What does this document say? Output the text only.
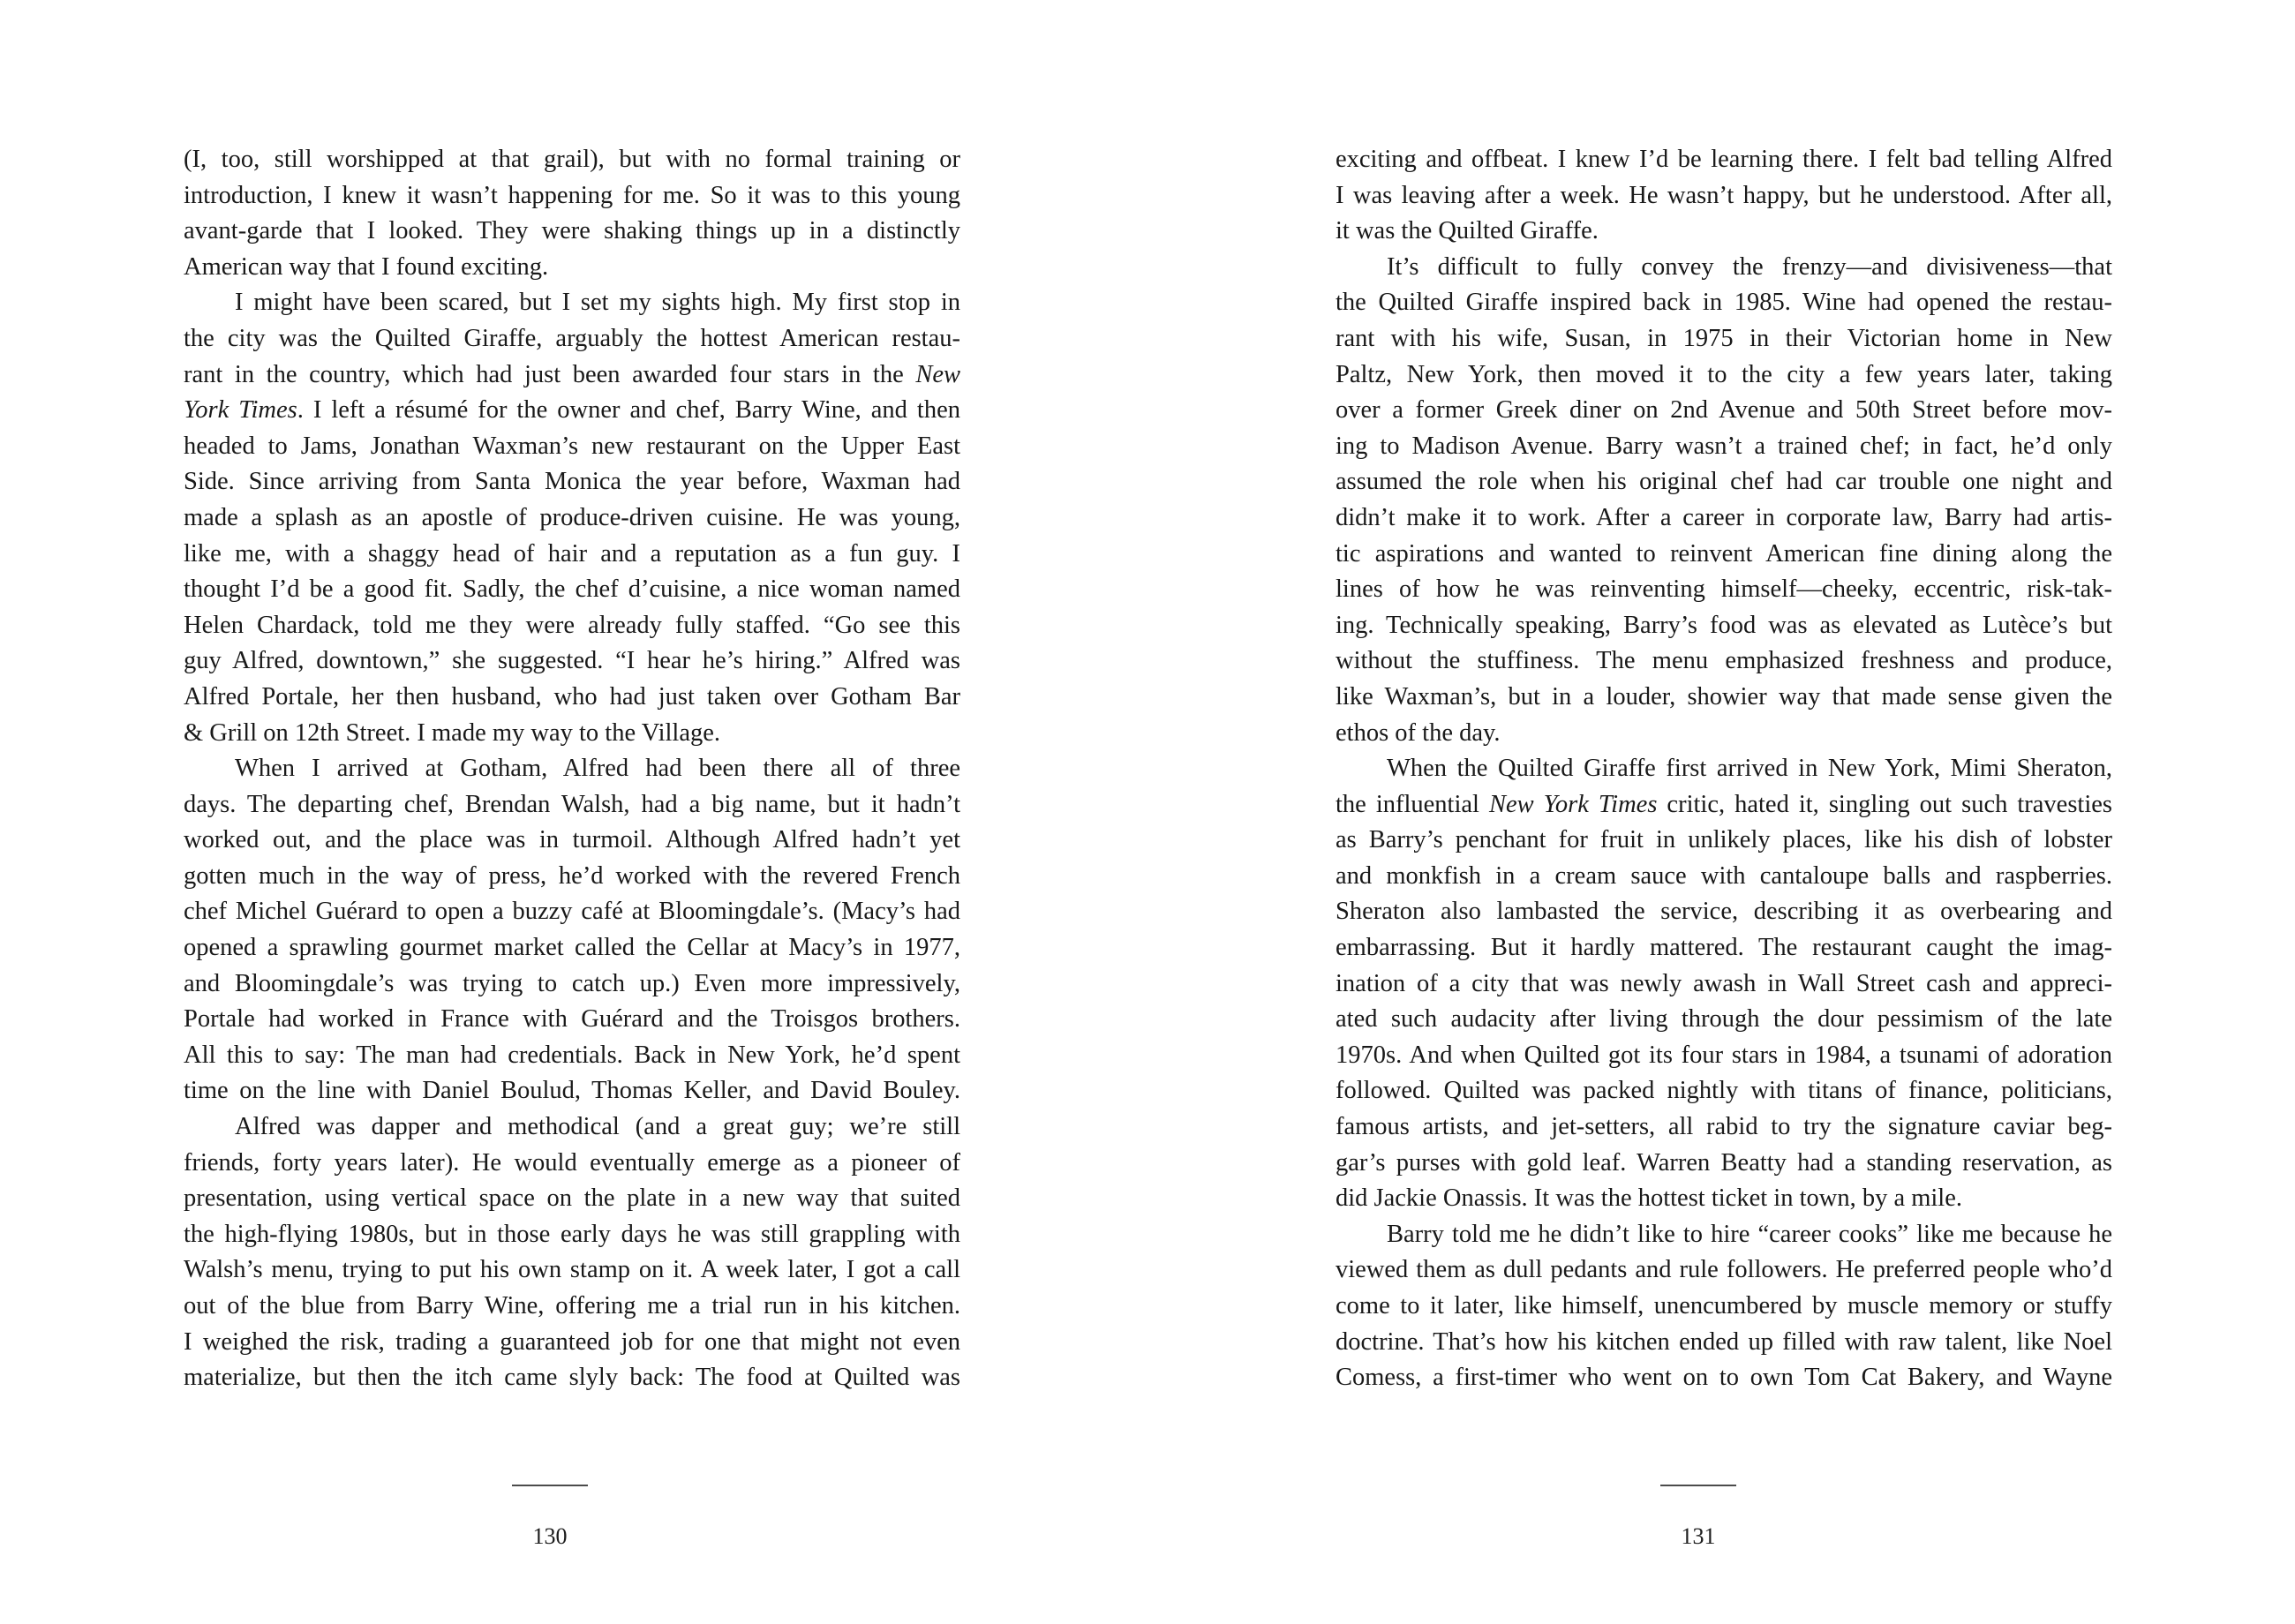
(I, too, still worshipped at that grail), but with no formal training or
introduction, I knew it wasn’t happening for me. So it was to this young
avant-garde that I looked. They were shaking things up in a distinctly
American way that I found exciting.
I might have been scared, but I set my sights high. My first stop in
the city was the Quilted Giraffe, arguably the hottest American restau-
rant in the country, which had just been awarded four stars in the New
York Times. I left a résumé for the owner and chef, Barry Wine, and then
headed to Jams, Jonathan Waxman’s new restaurant on the Upper East
Side. Since arriving from Santa Monica the year before, Waxman had
made a splash as an apostle of produce-driven cuisine. He was young,
like me, with a shaggy head of hair and a reputation as a fun guy. I
thought I’d be a good fit. Sadly, the chef d’cuisine, a nice woman named
Helen Chardack, told me they were already fully staffed. “Go see this
guy Alfred, downtown,” she suggested. “I hear he’s hiring.” Alfred was
Alfred Portale, her then husband, who had just taken over Gotham Bar
& Grill on 12th Street. I made my way to the Village.
When I arrived at Gotham, Alfred had been there all of three
days. The departing chef, Brendan Walsh, had a big name, but it hadn’t
worked out, and the place was in turmoil. Although Alfred hadn’t yet
gotten much in the way of press, he’d worked with the revered French
chef Michel Guérard to open a buzzy café at Bloomingdale’s. (Macy’s had
opened a sprawling gourmet market called the Cellar at Macy’s in 1977,
and Bloomingdale’s was trying to catch up.) Even more impressively,
Portale had worked in France with Guérard and the Troisgos brothers.
All this to say: The man had credentials. Back in New York, he’d spent
time on the line with Daniel Boulud, Thomas Keller, and David Bouley.
Alfred was dapper and methodical (and a great guy; we’re still
friends, forty years later). He would eventually emerge as a pioneer of
presentation, using vertical space on the plate in a new way that suited
the high-flying 1980s, but in those early days he was still grappling with
Walsh’s menu, trying to put his own stamp on it. A week later, I got a call
out of the blue from Barry Wine, offering me a trial run in his kitchen.
I weighed the risk, trading a guaranteed job for one that might not even
materialize, but then the itch came slyly back: The food at Quilted was
130
exciting and offbeat. I knew I’d be learning there. I felt bad telling Alfred
I was leaving after a week. He wasn’t happy, but he understood. After all,
it was the Quilted Giraffe.
It’s difficult to fully convey the frenzy—and divisiveness—that
the Quilted Giraffe inspired back in 1985. Wine had opened the restau-
rant with his wife, Susan, in 1975 in their Victorian home in New
Paltz, New York, then moved it to the city a few years later, taking
over a former Greek diner on 2nd Avenue and 50th Street before mov-
ing to Madison Avenue. Barry wasn’t a trained chef; in fact, he’d only
assumed the role when his original chef had car trouble one night and
didn’t make it to work. After a career in corporate law, Barry had artis-
tic aspirations and wanted to reinvent American fine dining along the
lines of how he was reinventing himself—cheeky, eccentric, risk-tak-
ing. Technically speaking, Barry’s food was as elevated as Lutèce’s but
without the stuffiness. The menu emphasized freshness and produce,
like Waxman’s, but in a louder, showier way that made sense given the
ethos of the day.
When the Quilted Giraffe first arrived in New York, Mimi Sheraton,
the influential New York Times critic, hated it, singling out such travesties
as Barry’s penchant for fruit in unlikely places, like his dish of lobster
and monkfish in a cream sauce with cantaloupe balls and raspberries.
Sheraton also lambasted the service, describing it as overbearing and
embarrassing. But it hardly mattered. The restaurant caught the imag-
ination of a city that was newly awash in Wall Street cash and appreci-
ated such audacity after living through the dour pessimism of the late
1970s. And when Quilted got its four stars in 1984, a tsunami of adoration
followed. Quilted was packed nightly with titans of finance, politicians,
famous artists, and jet-setters, all rabid to try the signature caviar beg-
gar’s purses with gold leaf. Warren Beatty had a standing reservation, as
did Jackie Onassis. It was the hottest ticket in town, by a mile.
Barry told me he didn’t like to hire “career cooks” like me because he
viewed them as dull pedants and rule followers. He preferred people who’d
come to it later, like himself, unencumbered by muscle memory or stuffy
doctrine. That’s how his kitchen ended up filled with raw talent, like Noel
Comess, a first-timer who went on to own Tom Cat Bakery, and Wayne
131
